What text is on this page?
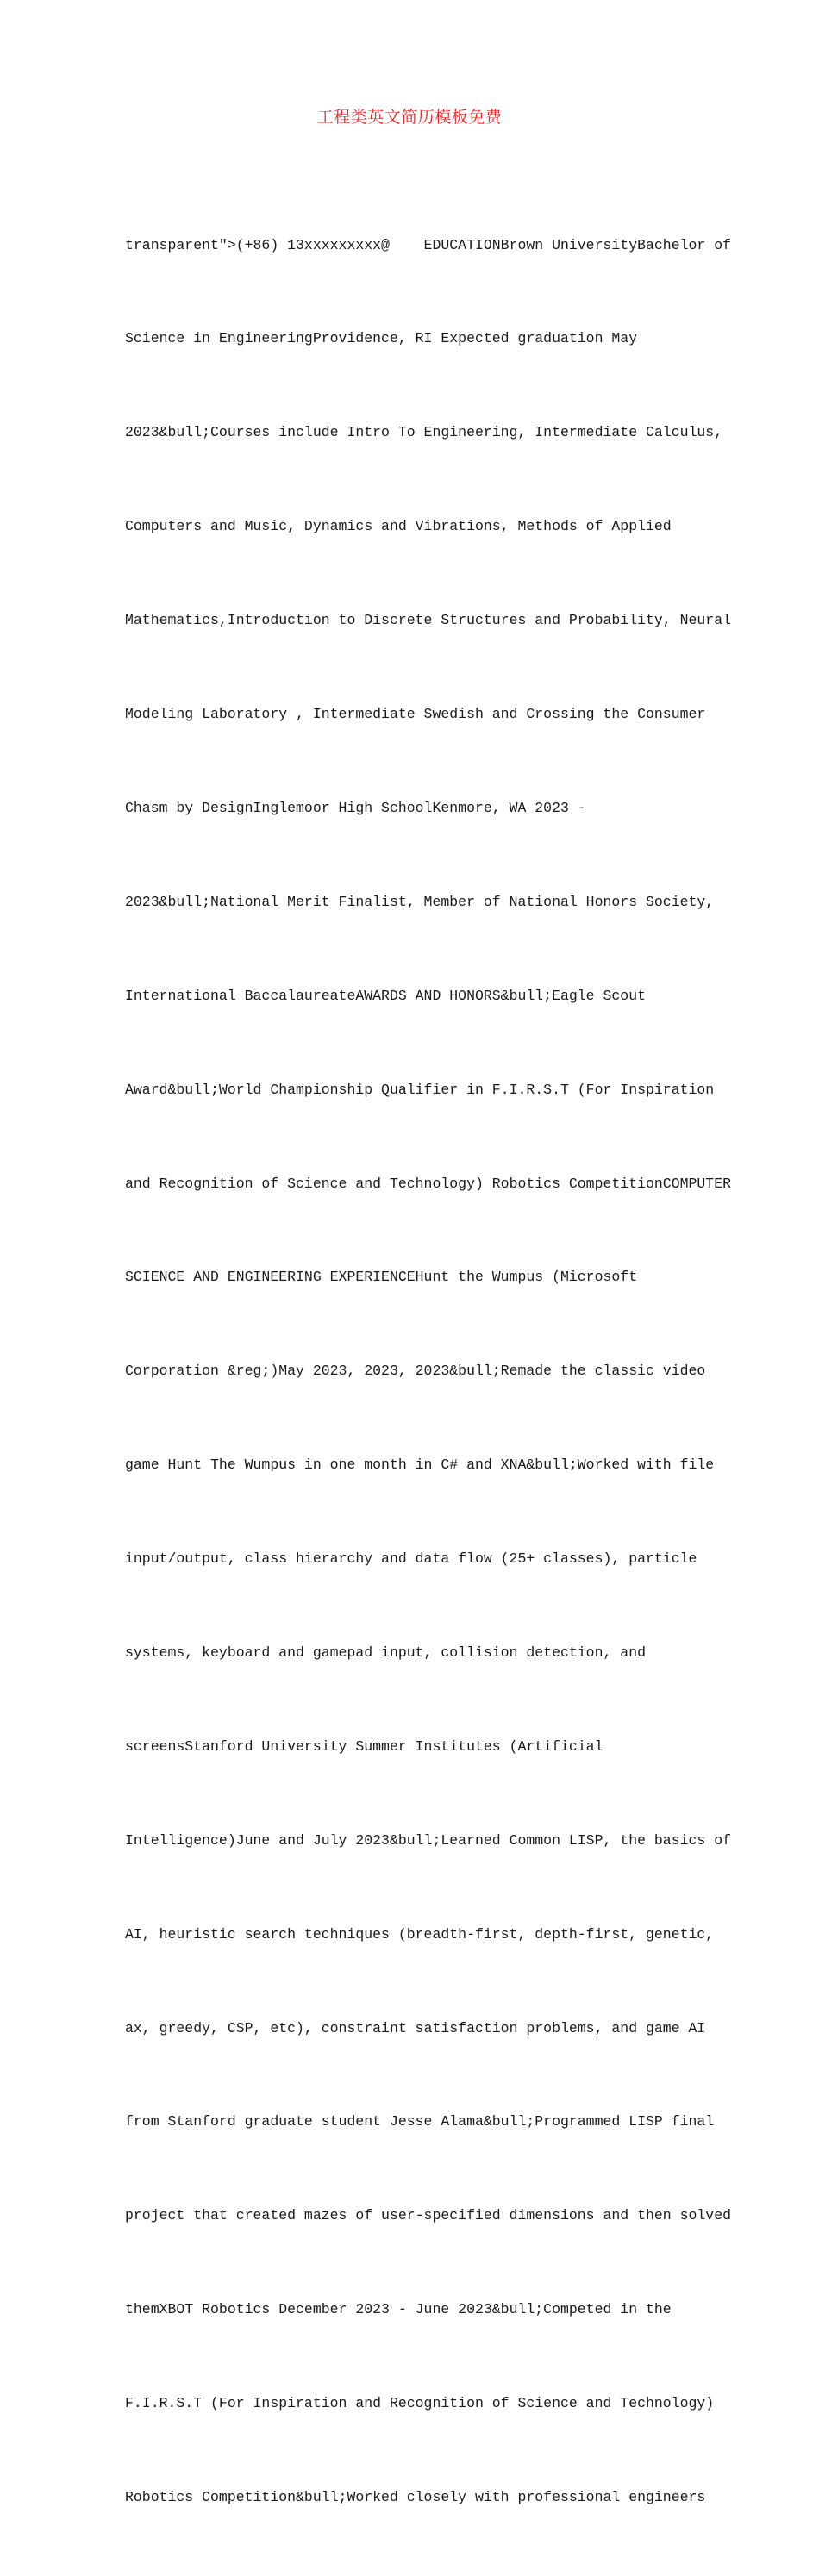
工程类英文简历模板免费

transparent">(+86) 13xxxxxxxxx@    EDUCATIONBrown UniversityBachelor of

Science in EngineeringProvidence, RI Expected graduation May

2023&bull;Courses include Intro To Engineering, Intermediate Calculus,

Computers and Music, Dynamics and Vibrations, Methods of Applied

Mathematics,Introduction to Discrete Structures and Probability, Neural

Modeling Laboratory , Intermediate Swedish and Crossing the Consumer

Chasm by DesignInglemoor High SchoolKenmore, WA 2023 -

2023&bull;National Merit Finalist, Member of National Honors Society,

International BaccalaureateAWARDS AND HONORS&bull;Eagle Scout

Award&bull;World Championship Qualifier in F.I.R.S.T (For Inspiration

and Recognition of Science and Technology) Robotics CompetitionCOMPUTER

SCIENCE AND ENGINEERING EXPERIENCEHunt the Wumpus (Microsoft

Corporation &reg;)May 2023, 2023, 2023&bull;Remade the classic video

game Hunt The Wumpus in one month in C# and XNA&bull;Worked with file

input/output, class hierarchy and data flow (25+ classes), particle

systems, keyboard and gamepad input, collision detection, and

screensStanford University Summer Institutes (Artificial

Intelligence)June and July 2023&bull;Learned Common LISP, the basics of

AI, heuristic search techniques (breadth-first, depth-first, genetic,

ax, greedy, CSP, etc), constraint satisfaction problems, and game AI

from Stanford graduate student Jesse Alama&bull;Programmed LISP final

project that created mazes of user-specified dimensions and then solved

themXBOT Robotics December 2023 - June 2023&bull;Competed in the

F.I.R.S.T (For Inspiration and Recognition of Science and Technology)

Robotics Competition&bull;Worked closely with professional engineers
